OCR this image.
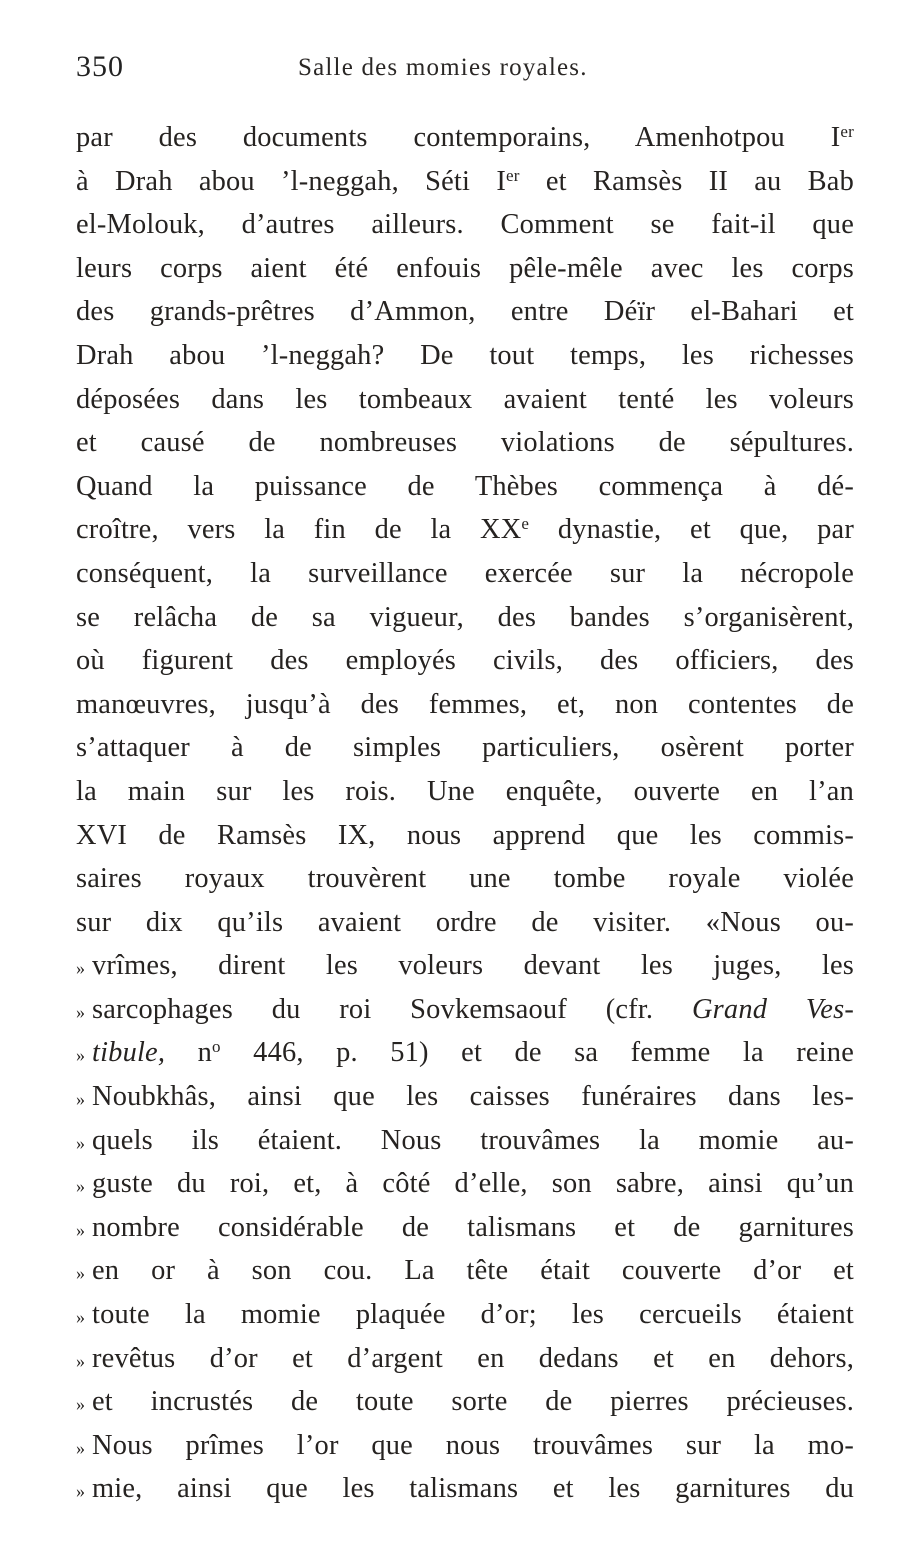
350	Salle des momies royales.
par des documents contemporains, Amenhotpou Ier
à Drah abou ’l-neggah, Séti Ier et Ramsès II au Bab
el-Molouk, d’autres ailleurs. Comment se fait-il que
leurs corps aient été enfouis pêle-mêle avec les corps
des grands-prêtres d’Ammon, entre Déïr el-Bahari et
Drah abou ’l-neggah? De tout temps, les richesses
déposées dans les tombeaux avaient tenté les voleurs
et causé de nombreuses violations de sépultures.
Quand la puissance de Thèbes commença à dé-
croître, vers la fin de la XXe dynastie, et que, par
conséquent, la surveillance exercée sur la nécropole
se relâcha de sa vigueur, des bandes s’organisèrent,
où figurent des employés civils, des officiers, des
manœuvres, jusqu’à des femmes, et, non contentes de
s’attaquer à de simples particuliers, osèrent porter
la main sur les rois. Une enquête, ouverte en l’an
XVI de Ramsès IX, nous apprend que les commis-
saires royaux trouvèrent une tombe royale violée
sur dix qu’ils avaient ordre de visiter. «Nous ou-
» vrîmes, dirent les voleurs devant les juges, les
» sarcophages du roi Sovkemsaouf (cfr. Grand Ves-
» tibule, $n^o$ 446, p. 51) et de sa femme la reine
» Noubkhâs, ainsi que les caisses funéraires dans les-
» quels ils étaient. Nous trouvâmes la momie au-
» guste du roi, et, à côté d’elle, son sabre, ainsi qu’un
» nombre considérable de talismans et de garnitures
» en or à son cou. La tête était couverte d’or et
» toute la momie plaquée d’or; les cercueils étaient
» revêtus d’or et d’argent en dedans et en dehors,
» et incrustés de toute sorte de pierres précieuses.
» Nous prîmes l’or que nous trouvâmes sur la mo-
» mie, ainsi que les talismans et les garnitures du
